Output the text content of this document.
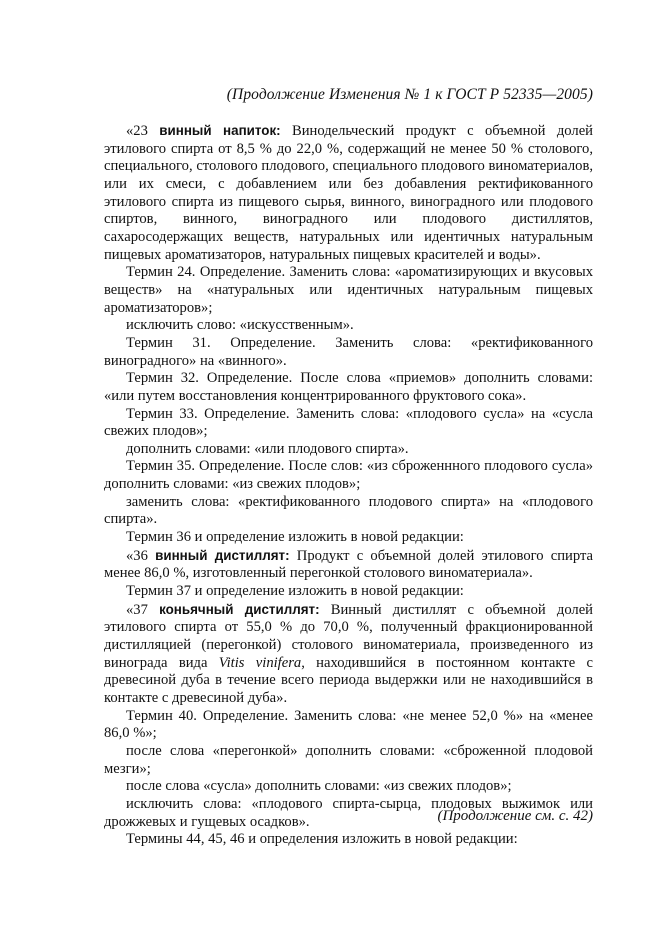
(Продолжение Изменения № 1 к ГОСТ Р 52335—2005)

«23 винный напиток: Винодельческий продукт с объемной долей этилового спирта от 8,5 % до 22,0 %, содержащий не менее 50 % столового, специального, столового плодового, специального плодового виноматериалов, или их смеси, с добавлением или без добавления ректификованного этилового спирта из пищевого сырья, винного, виноградного или плодового спиртов, винного, виноградного или плодового дистиллятов, сахаросодержащих веществ, натуральных или идентичных натуральным пищевых ароматизаторов, натуральных пищевых красителей и воды».

Термин 24. Определение. Заменить слова: «ароматизирующих и вкусовых веществ» на «натуральных или идентичных натуральным пищевых ароматизаторов»;

исключить слово: «искусственным».

Термин 31. Определение. Заменить слова: «ректификованного виноградного» на «винного».

Термин 32. Определение. После слова «приемов» дополнить словами: «или путем восстановления концентрированного фруктового сока».

Термин 33. Определение. Заменить слова: «плодового сусла» на «сусла свежих плодов»;

дополнить словами: «или плодового спирта».

Термин 35. Определение. После слов: «из сброженнного плодового сусла» дополнить словами: «из свежих плодов»;

заменить слова: «ректификованного плодового спирта» на «плодового спирта».

Термин 36 и определение изложить в новой редакции:

«36 винный дистиллят: Продукт с объемной долей этилового спирта менее 86,0 %, изготовленный перегонкой столового виноматериала».

Термин 37 и определение изложить в новой редакции:

«37 коньячный дистиллят: Винный дистиллят с объемной долей этилового спирта от 55,0 % до 70,0 %, полученный фракционированной дистилляцией (перегонкой) столового виноматериала, произведенного из винограда вида Vitis vinifera, находившийся в постоянном контакте с древесиной дуба в течение всего периода выдержки или не находившийся в контакте с древесиной дуба».

Термин 40. Определение. Заменить слова: «не менее 52,0 %» на «менее 86,0 %»;

после слова «перегонкой» дополнить словами: «сброженной плодовой мезги»;

после слова «сусла» дополнить словами: «из свежих плодов»;

исключить слова: «плодового спирта-сырца, плодовых выжимок или дрожжевых и гущевых осадков».

Термины 44, 45, 46 и определения изложить в новой редакции:

(Продолжение см. с. 42)
